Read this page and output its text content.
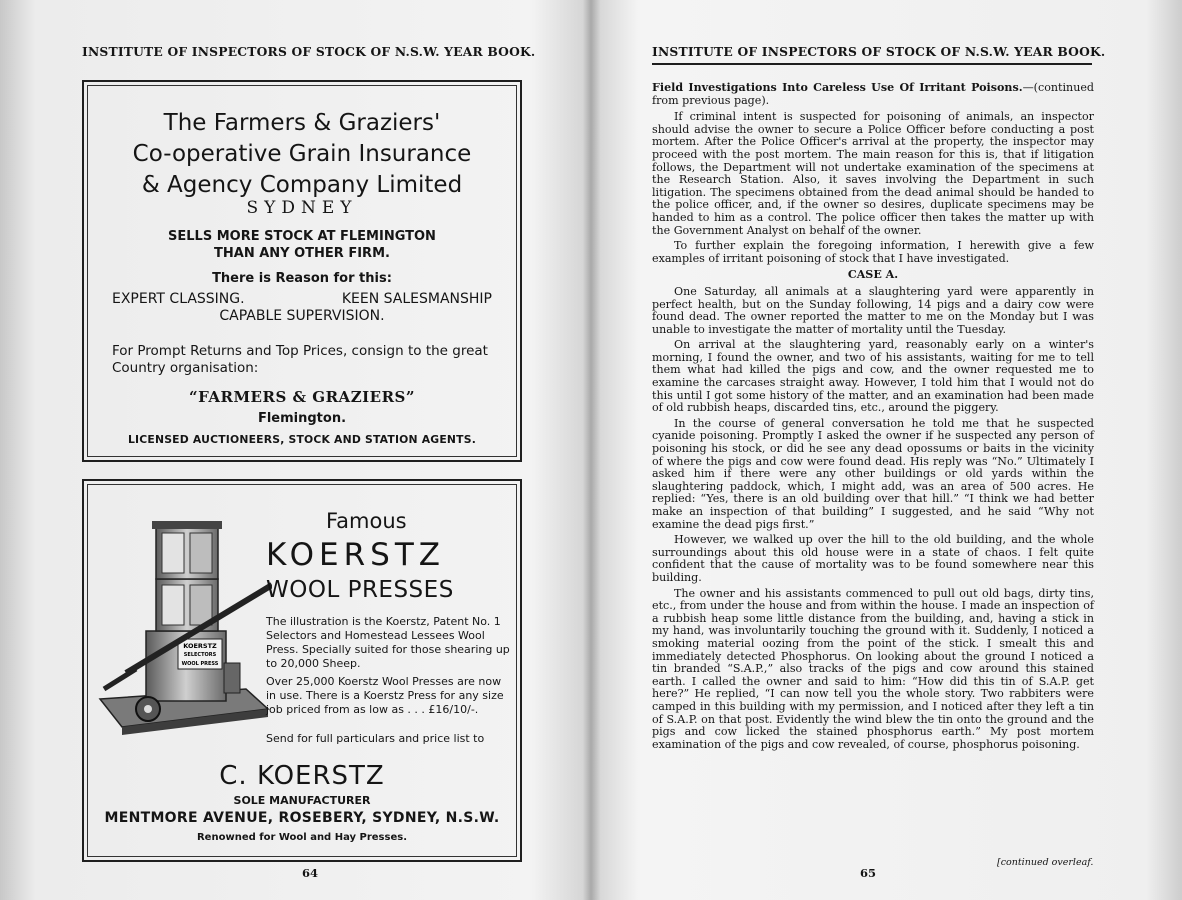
INSTITUTE OF INSPECTORS OF STOCK OF N.S.W. YEAR BOOK.
The Farmers & Graziers'
Co-operative Grain Insurance
& Agency Company Limited
SYDNEY
SELLS MORE STOCK AT FLEMINGTON
THAN ANY OTHER FIRM.
There is Reason for this:
EXPERT CLASSING.	KEEN SALESMANSHIP
CAPABLE SUPERVISION.
For Prompt Returns and Top Prices, consign to the great Country organisation:
“FARMERS & GRAZIERS”
Flemington.
LICENSED AUCTIONEERS, STOCK AND STATION AGENTS.
KOERSTZ
SELECTORS
WOOL PRESS
Famous
KOERSTZ
WOOL PRESSES
The illustration is the Koerstz, Patent No. 1 Selectors and Homestead Lessees Wool Press. Specially suited for those shearing up to 20,000 Sheep.
Over 25,000 Koerstz Wool Presses are now in use. There is a Koerstz Press for any size job priced from as low as . . . £16/10/-.
Send for full particulars and price list to
C. KOERSTZ
SOLE MANUFACTURER
MENTMORE AVENUE, ROSEBERY, SYDNEY, N.S.W.
Renowned for Wool and Hay Presses.
64
INSTITUTE OF INSPECTORS OF STOCK OF N.S.W. YEAR BOOK.

Field Investigations Into Careless Use Of Irritant Poisons.—(continued from previous page).

If criminal intent is suspected for poisoning of animals, an inspector should advise the owner to secure a Police Officer before conducting a post mortem. After the Police Officer's arrival at the property, the inspector may proceed with the post mortem. The main reason for this is, that if litigation follows, the Department will not undertake examination of the specimens at the Research Station. Also, it saves involving the Department in such litigation. The specimens obtained from the dead animal should be handed to the police officer, and, if the owner so desires, duplicate specimens may be handed to him as a control. The police officer then takes the matter up with the Government Analyst on behalf of the owner.

To further explain the foregoing information, I herewith give a few examples of irritant poisoning of stock that I have investigated.

CASE A.

One Saturday, all animals at a slaughtering yard were apparently in perfect health, but on the Sunday following, 14 pigs and a dairy cow were found dead. The owner reported the matter to me on the Monday but I was unable to investigate the matter of mortality until the Tuesday.

On arrival at the slaughtering yard, reasonably early on a winter's morning, I found the owner, and two of his assistants, waiting for me to tell them what had killed the pigs and cow, and the owner requested me to examine the carcases straight away. However, I told him that I would not do this until I got some history of the matter, and an examination had been made of old rubbish heaps, discarded tins, etc., around the piggery.

In the course of general conversation he told me that he suspected cyanide poisoning. Promptly I asked the owner if he suspected any person of poisoning his stock, or did he see any dead opossums or baits in the vicinity of where the pigs and cow were found dead. His reply was “No.” Ultimately I asked him if there were any other buildings or old yards within the slaughtering paddock, which, I might add, was an area of 500 acres. He replied: “Yes, there is an old building over that hill.” “I think we had better make an inspection of that building” I suggested, and he said “Why not examine the dead pigs first.”

However, we walked up over the hill to the old building, and the whole surroundings about this old house were in a state of chaos. I felt quite confident that the cause of mortality was to be found somewhere near this building.

The owner and his assistants commenced to pull out old bags, dirty tins, etc., from under the house and from within the house. I made an inspection of a rubbish heap some little distance from the building, and, having a stick in my hand, was involuntarily touching the ground with it. Suddenly, I noticed a smoking material oozing from the point of the stick. I smealt this and immediately detected Phosphorus. On looking about the ground I noticed a tin branded “S.A.P.,” also tracks of the pigs and cow around this stained earth. I called the owner and said to him: “How did this tin of S.A.P. get here?” He replied, “I can now tell you the whole story. Two rabbiters were camped in this building with my permission, and I noticed after they left a tin of S.A.P. on that post. Evidently the wind blew the tin onto the ground and the pigs and cow licked the stained phosphorus earth.” My post mortem examination of the pigs and cow revealed, of course, phosphorus poisoning.

[continued overleaf.
65
